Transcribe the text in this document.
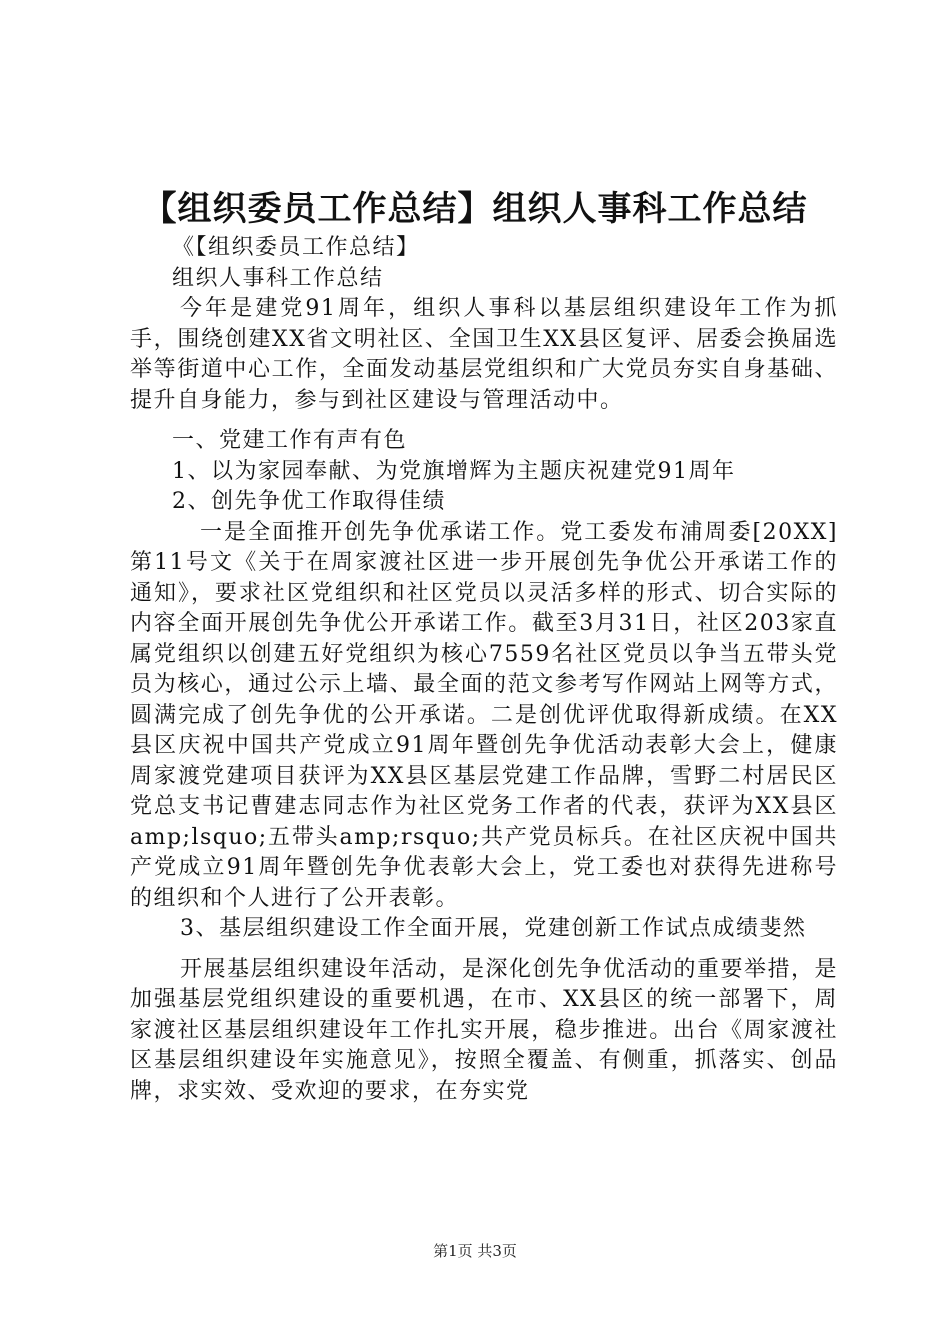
【组织委员工作总结】组织人事科工作总结

《【组织委员工作总结】

组织人事科工作总结

今年是建党91周年，组织人事科以基层组织建设年工作为抓手，围绕创建XX省文明社区、全国卫生XX县区复评、居委会换届选举等街道中心工作，全面发动基层党组织和广大党员夯实自身基础、提升自身能力，参与到社区建设与管理活动中。

一、党建工作有声有色

1、以为家园奉献、为党旗增辉为主题庆祝建党91周年

2、创先争优工作取得佳绩

一是全面推开创先争优承诺工作。党工委发布浦周委[20XX]第11号文《关于在周家渡社区进一步开展创先争优公开承诺工作的通知》，要求社区党组织和社区党员以灵活多样的形式、切合实际的内容全面开展创先争优公开承诺工作。截至3月31日，社区203家直属党组织以创建五好党组织为核心7559名社区党员以争当五带头党员为核心，通过公示上墙、最全面的范文参考写作网站上网等方式，圆满完成了创先争优的公开承诺。二是创优评优取得新成绩。在XX县区庆祝中国共产党成立91周年暨创先争优活动表彰大会上，健康周家渡党建项目获评为XX县区基层党建工作品牌，雪野二村居民区党总支书记曹建志同志作为社区党务工作者的代表，获评为XX县区amp;lsquo;五带头amp;rsquo;共产党员标兵。在社区庆祝中国共产党成立91周年暨创先争优表彰大会上，党工委也对获得先进称号的组织和个人进行了公开表彰。

3、基层组织建设工作全面开展，党建创新工作试点成绩斐然

开展基层组织建设年活动，是深化创先争优活动的重要举措，是加强基层党组织建设的重要机遇，在市、XX县区的统一部署下，周家渡社区基层组织建设年工作扎实开展，稳步推进。出台《周家渡社区基层组织建设年实施意见》，按照全覆盖、有侧重，抓落实、创品牌，求实效、受欢迎的要求，在夯实党

第1页 共3页
